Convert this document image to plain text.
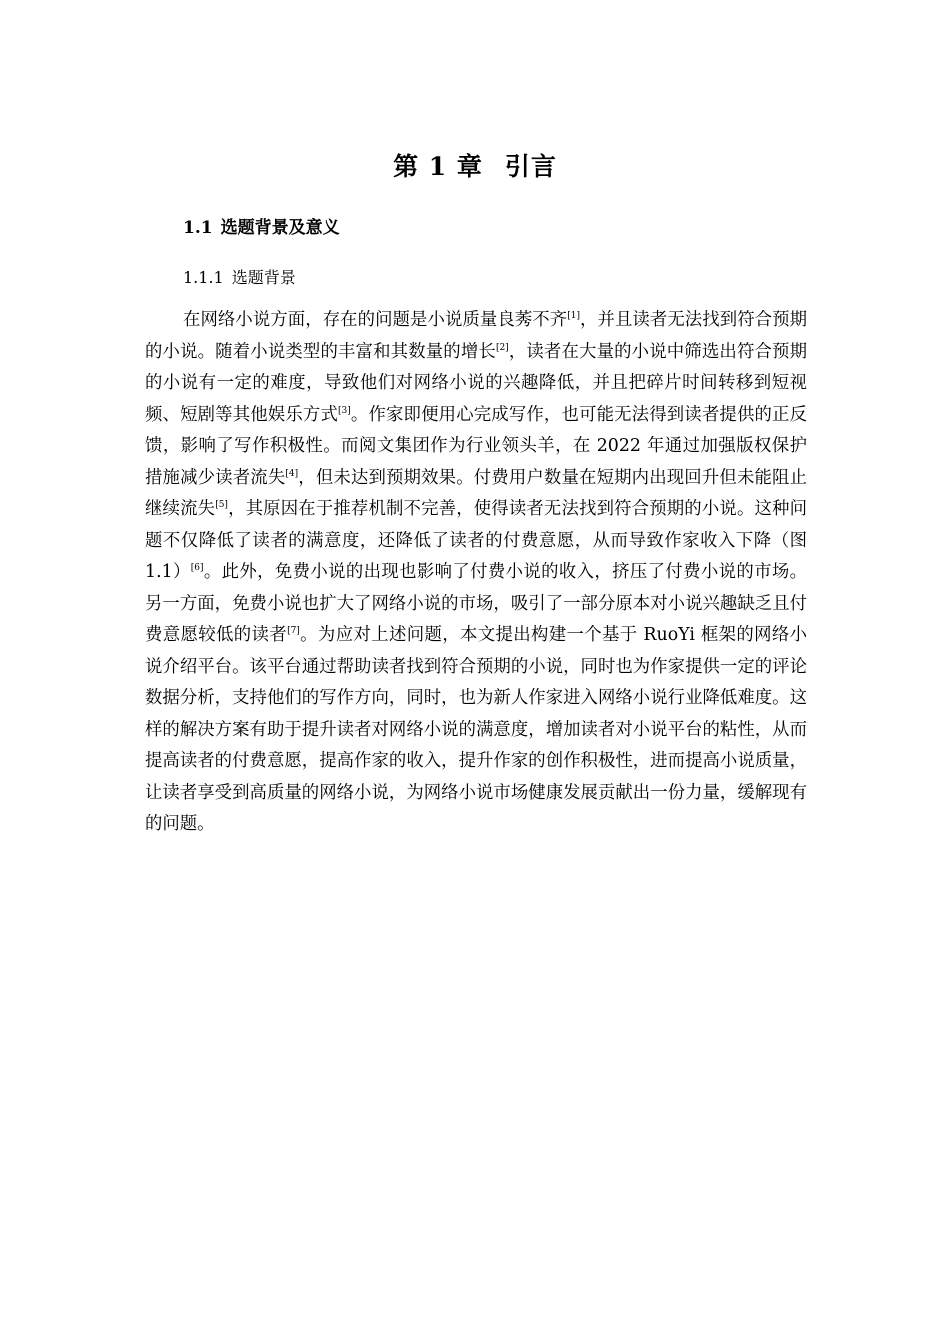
第 1 章 引言
1.1 选题背景及意义
1.1.1 选题背景

在网络小说方面，存在的问题是小说质量良莠不齐[1]，并且读者无法找到符合预期的小说。随着小说类型的丰富和其数量的增长[2]，读者在大量的小说中筛选出符合预期的小说有一定的难度，导致他们对网络小说的兴趣降低，并且把碎片时间转移到短视频、短剧等其他娱乐方式[3]。作家即便用心完成写作，也可能无法得到读者提供的正反馈，影响了写作积极性。而阅文集团作为行业领头羊，在 2022 年通过加强版权保护措施减少读者流失[4]，但未达到预期效果。付费用户数量在短期内出现回升但未能阻止继续流失[5]，其原因在于推荐机制不完善，使得读者无法找到符合预期的小说。这种问题不仅降低了读者的满意度，还降低了读者的付费意愿，从而导致作家收入下降（图 1.1）[6]。此外，免费小说的出现也影响了付费小说的收入，挤压了付费小说的市场。另一方面，免费小说也扩大了网络小说的市场，吸引了一部分原本对小说兴趣缺乏且付费意愿较低的读者[7]。为应对上述问题，本文提出构建一个基于 RuoYi 框架的网络小说介绍平台。该平台通过帮助读者找到符合预期的小说，同时也为作家提供一定的评论数据分析，支持他们的写作方向，同时，也为新人作家进入网络小说行业降低难度。这样的解决方案有助于提升读者对网络小说的满意度，增加读者对小说平台的粘性，从而提高读者的付费意愿，提高作家的收入，提升作家的创作积极性，进而提高小说质量，让读者享受到高质量的网络小说，为网络小说市场健康发展贡献出一份力量，缓解现有的问题。
